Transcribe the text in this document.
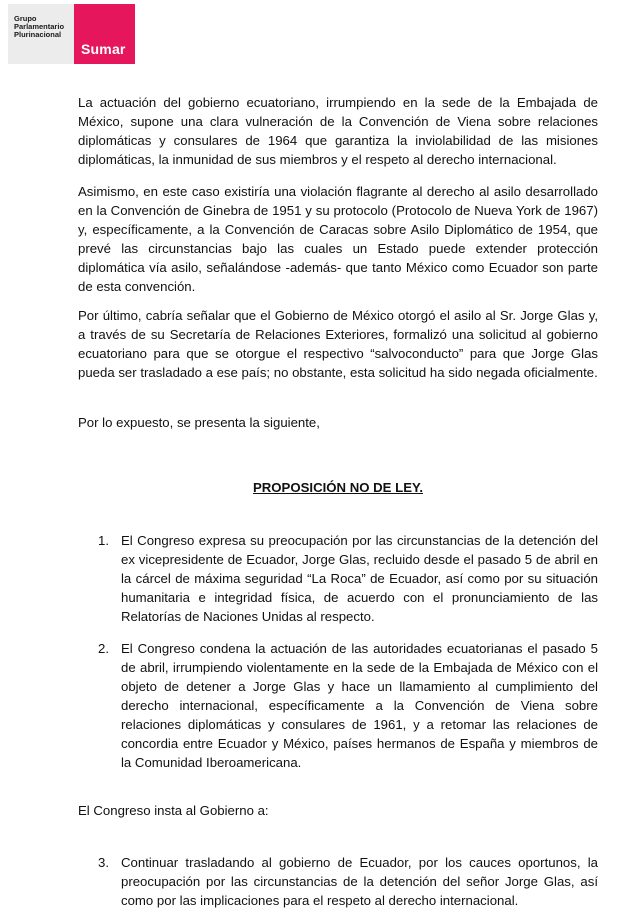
Grupo
Parlamentario
Plurinacional
Sumar

La actuación del gobierno ecuatoriano, irrumpiendo en la sede de la Embajada de México, supone una clara vulneración de la Convención de Viena sobre relaciones diplomáticas y consulares de 1964 que garantiza la inviolabilidad de las misiones diplomáticas, la inmunidad de sus miembros y el respeto al derecho internacional.

Asimismo, en este caso existiría una violación flagrante al derecho al asilo desarrollado en la Convención de Ginebra de 1951 y su protocolo (Protocolo de Nueva York de 1967) y, específicamente, a la Convención de Caracas sobre Asilo Diplomático de 1954, que prevé las circunstancias bajo las cuales un Estado puede extender protección diplomática vía asilo, señalándose -además- que tanto México como Ecuador son parte de esta convención.

Por último, cabría señalar que el Gobierno de México otorgó el asilo al Sr. Jorge Glas y, a través de su Secretaría de Relaciones Exteriores, formalizó una solicitud al gobierno ecuatoriano para que se otorgue el respectivo “salvoconducto” para que Jorge Glas pueda ser trasladado a ese país; no obstante, esta solicitud ha sido negada oficialmente.

Por lo expuesto, se presenta la siguiente,

PROPOSICIÓN NO DE LEY.
1. El Congreso expresa su preocupación por las circunstancias de la detención del ex vicepresidente de Ecuador, Jorge Glas, recluido desde el pasado 5 de abril en la cárcel de máxima seguridad “La Roca” de Ecuador, así como por su situación humanitaria e integridad física, de acuerdo con el pronunciamiento de las Relatorías de Naciones Unidas al respecto.

2. El Congreso condena la actuación de las autoridades ecuatorianas el pasado 5 de abril, irrumpiendo violentamente en la sede de la Embajada de México con el objeto de detener a Jorge Glas y hace un llamamiento al cumplimiento del derecho internacional, específicamente a la Convención de Viena sobre relaciones diplomáticas y consulares de 1961, y a retomar las relaciones de concordia entre Ecuador y México, países hermanos de España y miembros de la Comunidad Iberoamericana.

El Congreso insta al Gobierno a:

3. Continuar trasladando al gobierno de Ecuador, por los cauces oportunos, la preocupación por las circunstancias de la detención del señor Jorge Glas, así como por las implicaciones para el respeto al derecho internacional.
